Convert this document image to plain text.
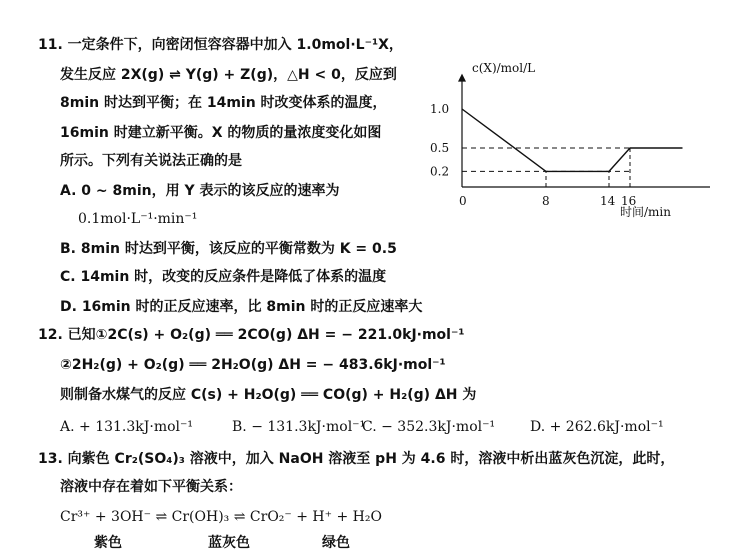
11. 一定条件下，向密闭恒容容器中加入 1.0mol·L⁻¹X，
发生反应 2X(g) ⇌ Y(g) + Z(g)，△H < 0，反应到
8min 时达到平衡；在 14min 时改变体系的温度，
16min 时建立新平衡。X 的物质的量浓度变化如图
所示。下列有关说法正确的是
A. 0 ~ 8min，用 Y 表示的该反应的速率为
0.1mol·L⁻¹·min⁻¹
B. 8min 时达到平衡，该反应的平衡常数为 K = 0.5
C. 14min 时，改变的反应条件是降低了体系的温度
D. 16min 时的正反应速率，比 8min 时的正反应速率大
0.2
0.5
1.0
0	8	14 16
c(X)/mol/L
时间/min
12. 已知①2C(s) + O₂(g) ══ 2CO(g) ΔH = − 221.0kJ·mol⁻¹
②2H₂(g) + O₂(g) ══ 2H₂O(g) ΔH = − 483.6kJ·mol⁻¹
则制备水煤气的反应 C(s) + H₂O(g) ══ CO(g) + H₂(g) ΔH 为
A. + 131.3kJ·mol⁻¹	B. − 131.3kJ·mol⁻¹
C. − 352.3kJ·mol⁻¹ D. + 262.6kJ·mol⁻¹
13. 向紫色 Cr₂(SO₄)₃ 溶液中，加入 NaOH 溶液至 pH 为 4.6 时，溶液中析出蓝灰色沉淀，此时，
溶液中存在着如下平衡关系：
Cr³⁺ + 3OH⁻ ⇌ Cr(OH)₃ ⇌ CrO₂⁻ + H⁺ + H₂O
紫色	蓝灰色	绿色
